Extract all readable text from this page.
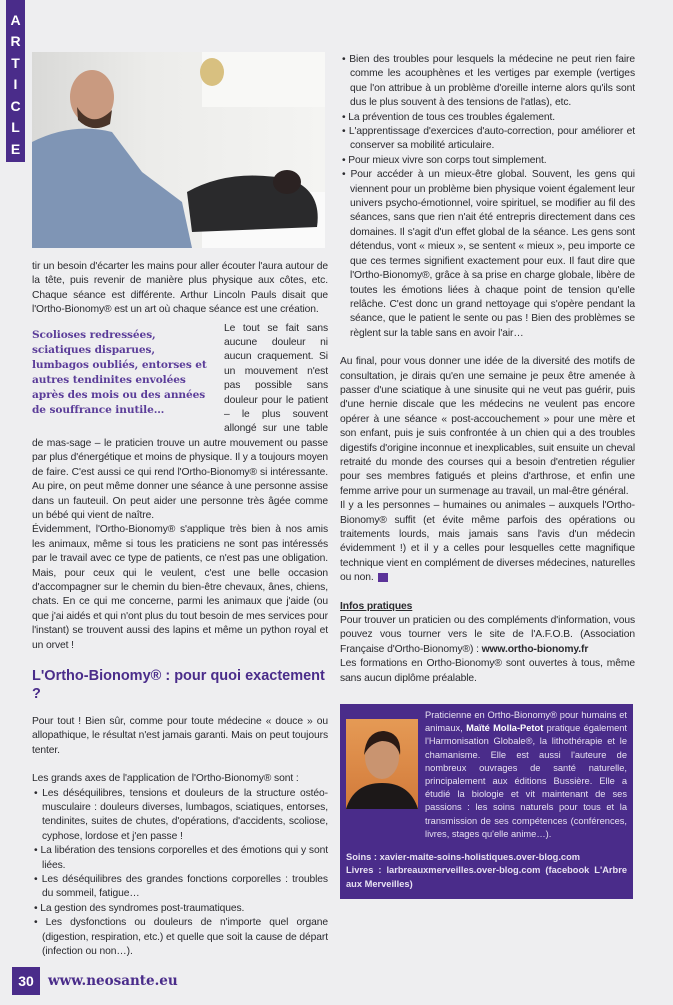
A
R
T
I
C
L
E
tir un besoin d'écarter les mains pour aller écouter l'aura autour de la tête, puis revenir de manière plus physique aux côtes, etc. Chaque séance est différente. Arthur Lincoln Pauls disait que l'Ortho-Bionomy® est un art où chaque séance est une création.
Scolioses redressées, sciatiques disparues, lumbagos oubliés, entorses et autres tendinites envolées après des mois ou des années de souffrance inutile…
Le tout se fait sans aucune douleur ni aucun craquement. Si un mouvement n'est pas possible sans douleur pour le patient – le plus souvent allongé sur une table de mas-sage – le praticien trouve un autre mouvement ou passe par plus d'énergétique et moins de physique. Il y a toujours moyen de faire. C'est aussi ce qui rend l'Ortho-Bionomy® si intéressante. Au pire, on peut même donner une séance à une personne assise dans un fauteuil. On peut aider une personne très âgée comme un bébé qui vient de naître.
Évidemment, l'Ortho-Bionomy® s'applique très bien à nos amis les animaux, même si tous les praticiens ne sont pas intéressés par le travail avec ce type de patients, ce n'est pas une obligation. Mais, pour ceux qui le veulent, c'est une belle occasion d'accompagner sur le chemin du bien-être chevaux, ânes, chiens, chats. En ce qui me concerne, parmi les animaux que j'aide (ou que j'ai aidés et qui n'ont plus du tout besoin de mes services pour l'instant) se trouvent aussi des lapins et même un python royal et un orvet !
L'Ortho-Bionomy® : pour quoi exactement ?
Pour tout ! Bien sûr, comme pour toute médecine « douce » ou allopathique, le résultat n'est jamais garanti. Mais on peut toujours tenter.
Les grands axes de l'application de l'Ortho-Bionomy® sont :
• Les déséquilibres, tensions et douleurs de la structure ostéo-musculaire : douleurs diverses, lumbagos, sciatiques, entorses, tendinites, suites de chutes, d'opérations, d'accidents, scoliose, cyphose, lordose et j'en passe !
• La libération des tensions corporelles et des émotions qui y sont liées.
• Les déséquilibres des grandes fonctions corporelles : troubles du sommeil, fatigue…
• La gestion des syndromes post-traumatiques.
• Les dysfonctions ou douleurs de n'importe quel organe (digestion, respiration, etc.) et quelle que soit la cause de départ (infection ou non…).
30	www.neosante.eu
• Bien des troubles pour lesquels la médecine ne peut rien faire comme les acouphènes et les vertiges par exemple (vertiges que l'on attribue à un problème d'oreille interne alors qu'ils sont dus le plus souvent à des tensions de l'atlas), etc.
• La prévention de tous ces troubles également.
• L'apprentissage d'exercices d'auto-correction, pour améliorer et conserver sa mobilité articulaire.
• Pour mieux vivre son corps tout simplement.
• Pour accéder à un mieux-être global. Souvent, les gens qui viennent pour un problème bien physique voient également leur univers psycho-émotionnel, voire spirituel, se modifier au fil des séances, sans que rien n'ait été entrepris directement dans ces domaines. Il s'agit d'un effet global de la séance. Les gens sont détendus, vont « mieux », se sentent « mieux », peu importe ce que ces termes signifient exactement pour eux. Il faut dire que l'Ortho-Bionomy®, grâce à sa prise en charge globale, libère de toutes les émotions liées à chaque point de tension qu'elle relâche. C'est donc un grand nettoyage qui s'opère pendant la séance, que le patient le sente ou pas ! Bien des problèmes se règlent sur la table sans en avoir l'air…
Au final, pour vous donner une idée de la diversité des motifs de consultation, je dirais qu'en une semaine je peux être amenée à passer d'une sciatique à une sinusite qui ne veut pas guérir, puis d'une hernie discale que les médecins ne veulent pas encore opérer à une séance « post-accouchement » pour une mère et son enfant, puis je suis confrontée à un chien qui a des troubles digestifs d'origine inconnue et inexplicables, suit ensuite un cheval retraité du monde des courses qui a besoin d'entretien régulier pour ses membres fatigués et pleins d'arthrose, et enfin une femme arrive pour un surmenage au travail, un mal-être général.
Il y a les personnes – humaines ou animales – auxquels l'Ortho-Bionomy® suffit (et évite même parfois des opérations ou traitements lourds, mais jamais sans l'avis d'un médecin évidemment !) et il y a celles pour lesquelles cette magnifique technique vient en complément de diverses médecines, naturelles ou non.

Infos pratiques

Pour trouver un praticien ou des compléments d'information, vous pouvez vous tourner vers le site de l'A.F.O.B. (Association Française d'Ortho-Bionomy®) : www.ortho-bionomy.fr

Les formations en Ortho-Bionomy® sont ouvertes à tous, même sans aucun diplôme préalable.

Praticienne en Ortho-Bionomy® pour humains et animaux, Maïté Molla-Petot pratique également l'Harmonisation Globale®, la lithothérapie et le chamanisme. Elle est aussi l'auteure de nombreux ouvrages de santé naturelle, principalement aux éditions Bussière. Elle a étudié la biologie et vit maintenant de ses passions : les soins naturels pour tous et la transmission de ses compétences (conférences, livres, stages qu'elle anime…).

Soins : xavier-maite-soins-holistiques.over-blog.com

Livres : larbreauxmerveilles.over-blog.com (facebook L'Arbre aux Merveilles)
